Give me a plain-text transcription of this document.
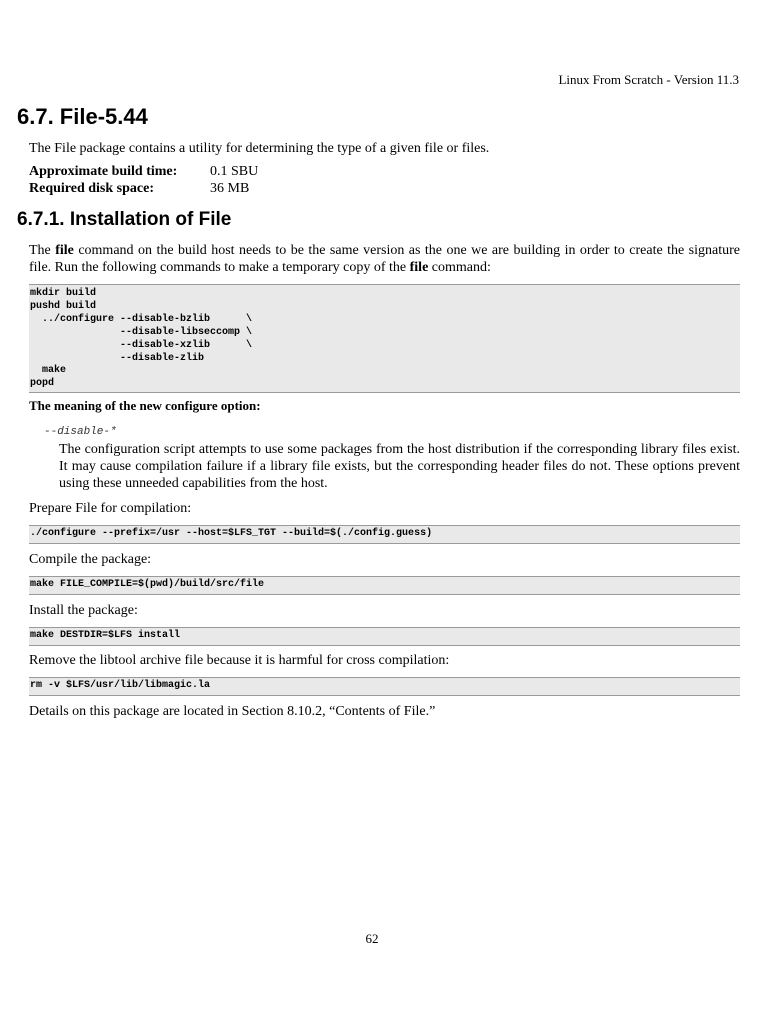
Linux From Scratch - Version 11.3
6.7. File-5.44
The File package contains a utility for determining the type of a given file or files.
Approximate build time: 0.1 SBU
Required disk space:	36 MB
6.7.1. Installation of File
The file command on the build host needs to be the same version as the one we are building in order to create the signature file. Run the following commands to make a temporary copy of the file command:
mkdir build
pushd build
../configure --disable-bzlib      \
--disable-libseccomp \
--disable-xzlib      \
--disable-zlib
make
popd
The meaning of the new configure option:
--disable-*
The configuration script attempts to use some packages from the host distribution if the corresponding library files exist. It may cause compilation failure if a library file exists, but the corresponding header files do not. These options prevent using these unneeded capabilities from the host.
Prepare File for compilation:
./configure --prefix=/usr --host=$LFS_TGT --build=$(./config.guess)
Compile the package:
make FILE_COMPILE=$(pwd)/build/src/file
Install the package:
make DESTDIR=$LFS install
Remove the libtool archive file because it is harmful for cross compilation:
rm -v $LFS/usr/lib/libmagic.la
Details on this package are located in Section 8.10.2, “Contents of File.”
62
